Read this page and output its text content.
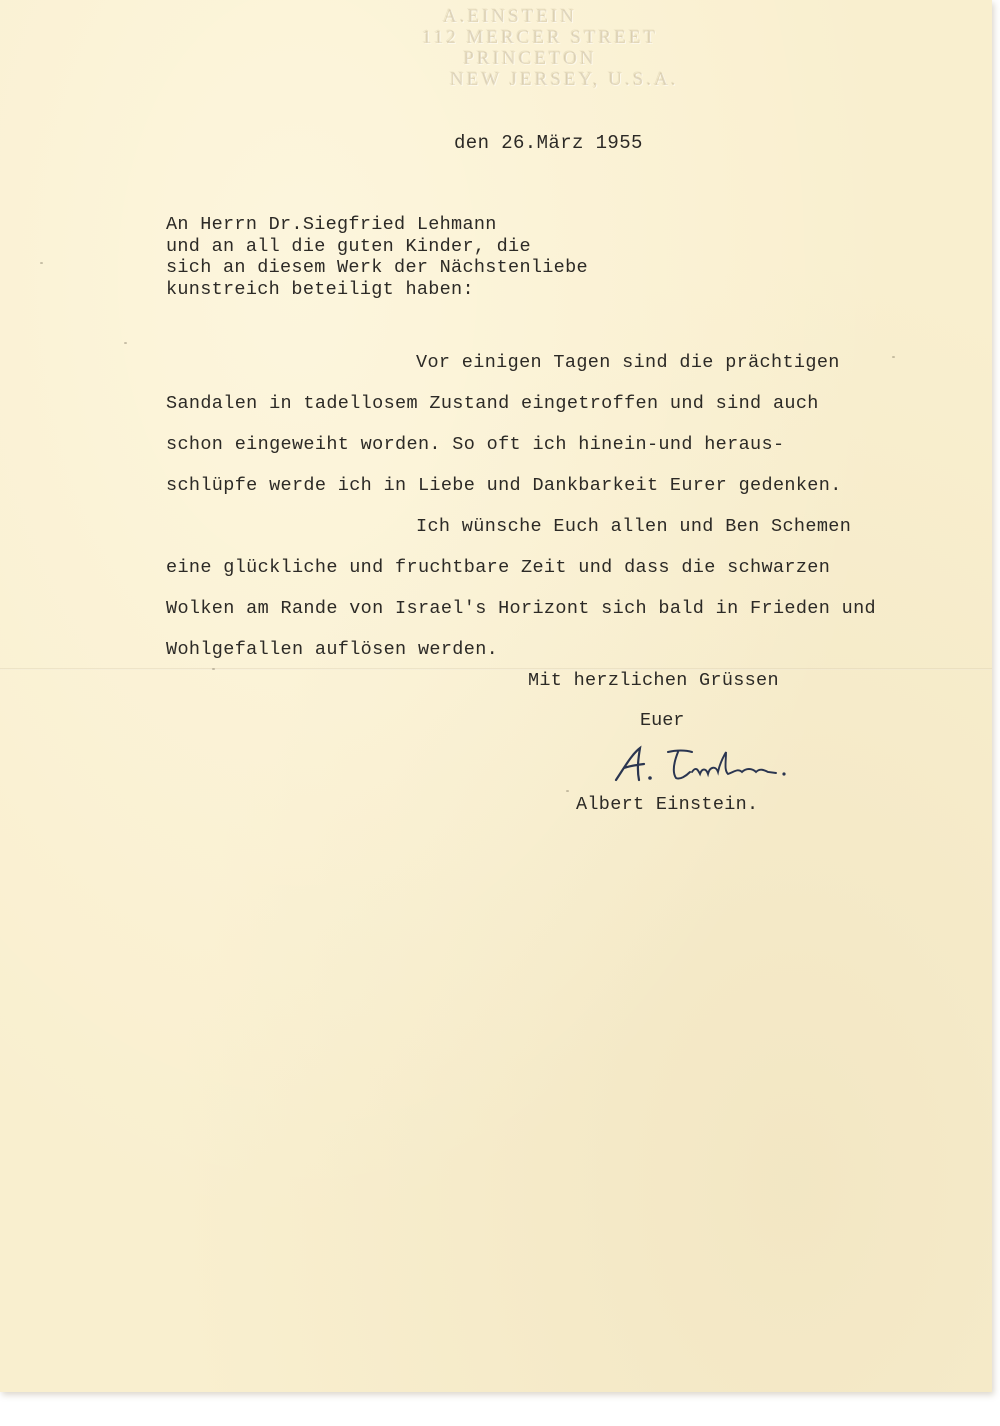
A.EINSTEIN
112 MERCER STREET
PRINCETON
NEW JERSEY, U.S.A.
den 26.März 1955
An Herrn Dr.Siegfried Lehmann
und an all die guten Kinder, die
sich an diesem Werk der Nächstenliebe
kunstreich beteiligt haben:
Vor einigen Tagen sind die prächtigen
Sandalen in tadellosem Zustand eingetroffen und sind auch
schon eingeweiht worden. So oft ich hinein-und heraus-
schlüpfe werde ich in Liebe und Dankbarkeit Eurer gedenken.
Ich wünsche Euch allen und Ben Schemen
eine glückliche und fruchtbare Zeit und dass die schwarzen
Wolken am Rande von Israel's Horizont sich bald in Frieden und
Wohlgefallen auflösen werden.
Mit herzlichen Grüssen
Euer
Albert Einstein.
